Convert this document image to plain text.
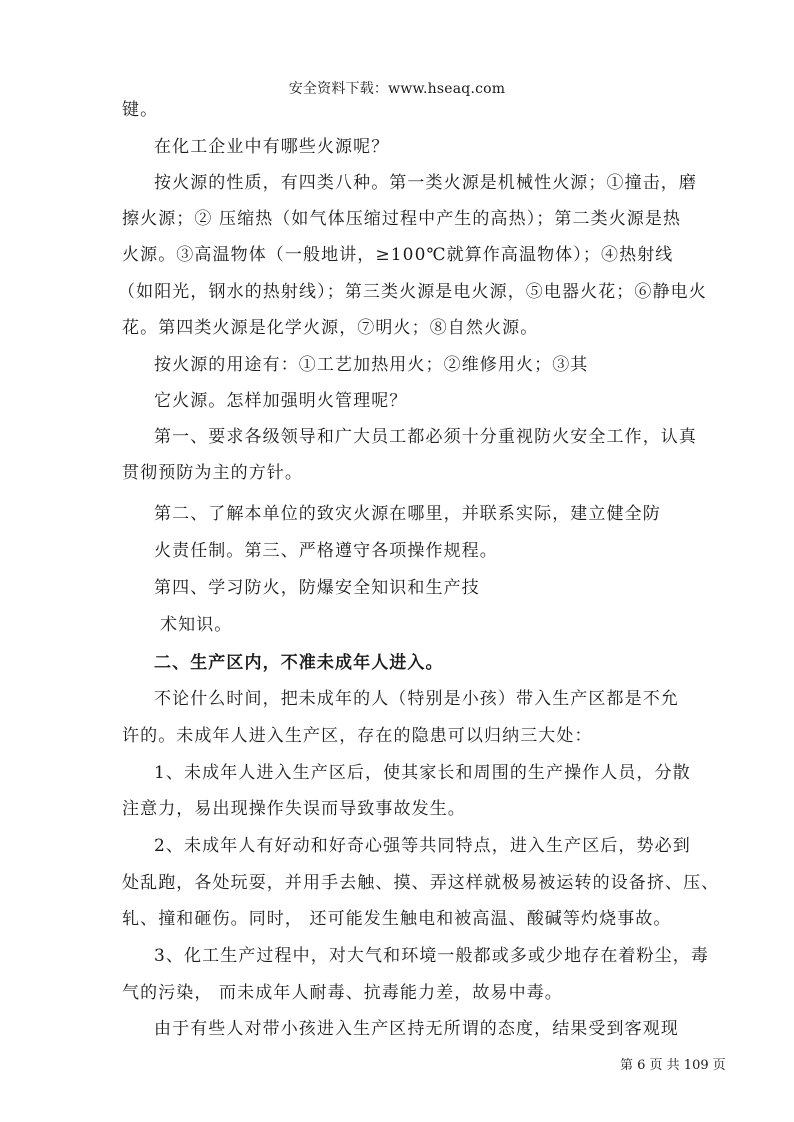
安全资料下载：www.hseaq.com
键。
在化工企业中有哪些火源呢？
按火源的性质，有四类八种。第一类火源是机械性火源；①撞击，磨
擦火源；② 压缩热（如气体压缩过程中产生的高热）；第二类火源是热
火源。③高温物体（一般地讲，≥100℃就算作高温物体）；④热射线
（如阳光，钢水的热射线）；第三类火源是电火源，⑤电器火花；⑥静电火
花。第四类火源是化学火源，⑦明火；⑧自然火源。
按火源的用途有：①工艺加热用火；②维修用火；③其
它火源。怎样加强明火管理呢？
第一、要求各级领导和广大员工都必须十分重视防火安全工作，认真
贯彻预防为主的方针。
第二、了解本单位的致灾火源在哪里，并联系实际，建立健全防
火责任制。第三、严格遵守各项操作规程。
第四、学习防火，防爆安全知识和生产技
术知识。
二、生产区内，不准未成年人进入。
不论什么时间，把未成年的人（特别是小孩）带入生产区都是不允
许的。未成年人进入生产区，存在的隐患可以归纳三大处：
1、未成年人进入生产区后，使其家长和周围的生产操作人员，分散
注意力，易出现操作失误而导致事故发生。
2、未成年人有好动和好奇心强等共同特点，进入生产区后，势必到
处乱跑，各处玩耍，并用手去触、摸、弄这样就极易被运转的设备挤、压、
轧、撞和砸伤。同时， 还可能发生触电和被高温、酸碱等灼烧事故。
3、化工生产过程中，对大气和环境一般都或多或少地存在着粉尘，毒
气的污染， 而未成年人耐毒、抗毒能力差，故易中毒。
由于有些人对带小孩进入生产区持无所谓的态度，结果受到客观现
第 6 页 共 109 页
